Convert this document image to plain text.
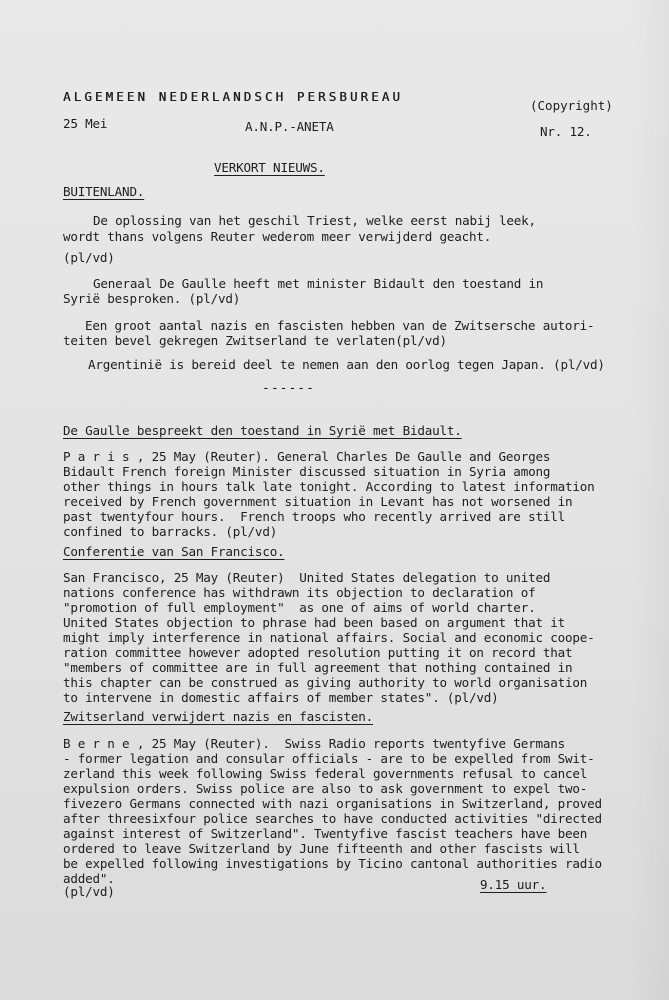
ALGEMEEN NEDERLANDSCH PERSBUREAU
(Copyright)
25 Mei	A.N.P.-ANETA	Nr. 12.
VERKORT NIEUWS.
BUITENLAND.
De oplossing van het geschil Triest, welke eerst nabij leek,
wordt thans volgens Reuter wederom meer verwijderd geacht.
(pl/vd)
Generaal De Gaulle heeft met minister Bidault den toestand in
Syrië besproken. (pl/vd)
Een groot aantal nazis en fascisten hebben van de Zwitsersche autori-
teiten bevel gekregen Zwitserland te verlaten(pl/vd)
Argentinië is bereid deel te nemen aan den oorlog tegen Japan. (pl/vd)
------
De Gaulle bespreekt den toestand in Syrië met Bidault.
P a r i s , 25 May (Reuter). General Charles De Gaulle and Georges
Bidault French foreign Minister discussed situation in Syria among
other things in hours talk late tonight. According to latest information
received by French government situation in Levant has not worsened in
past twentyfour hours.  French troops who recently arrived are still
confined to barracks. (pl/vd)
Conferentie van San Francisco.
San Francisco, 25 May (Reuter)  United States delegation to united
nations conference has withdrawn its objection to declaration of
"promotion of full employment"  as one of aims of world charter.
United States objection to phrase had been based on argument that it
might imply interference in national affairs. Social and economic coope-
ration committee however adopted resolution putting it on record that
"members of committee are in full agreement that nothing contained in
this chapter can be construed as giving authority to world organisation
to intervene in domestic affairs of member states". (pl/vd)
Zwitserland verwijdert nazis en fascisten.
B e r n e , 25 May (Reuter).  Swiss Radio reports twentyfive Germans
- former legation and consular officials - are to be expelled from Swit-
zerland this week following Swiss federal governments refusal to cancel
expulsion orders. Swiss police are also to ask government to expel two-
fivezero Germans connected with nazi organisations in Switzerland, proved
after threesixfour police searches to have conducted activities "directed
against interest of Switzerland". Twentyfive fascist teachers have been
ordered to leave Switzerland by June fifteenth and other fascists will
be expelled following investigations by Ticino cantonal authorities radio
added".
(pl/vd)	9.15 uur.
